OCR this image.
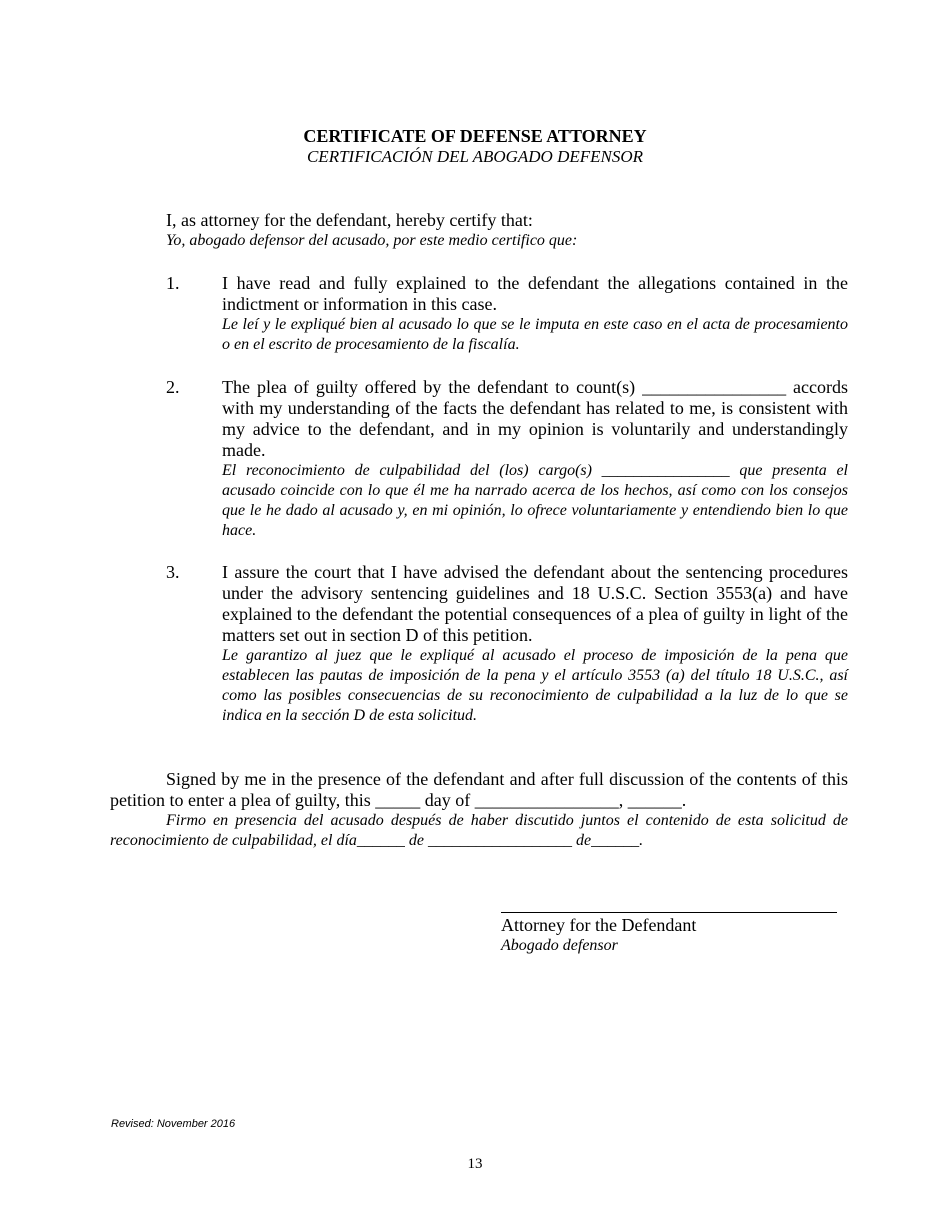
CERTIFICATE OF DEFENSE ATTORNEY
CERTIFICACIÓN DEL ABOGADO DEFENSOR
I, as attorney for the defendant, hereby certify that:
Yo, abogado defensor del acusado, por este medio certifico que:
1. I have read and fully explained to the defendant the allegations contained in the indictment or information in this case.
Le leí y le expliqué bien al acusado lo que se le imputa en este caso en el acta de procesamiento o en el escrito de procesamiento de la fiscalía.
2. The plea of guilty offered by the defendant to count(s) ________________ accords with my understanding of the facts the defendant has related to me, is consistent with my advice to the defendant, and in my opinion is voluntarily and understandingly made.
El reconocimiento de culpabilidad del (los) cargo(s) ________________ que presenta el acusado coincide con lo que él me ha narrado acerca de los hechos, así como con los consejos que le he dado al acusado y, en mi opinión, lo ofrece voluntariamente y entendiendo bien lo que hace.
3. I assure the court that I have advised the defendant about the sentencing procedures under the advisory sentencing guidelines and 18 U.S.C. Section 3553(a) and have explained to the defendant the potential consequences of a plea of guilty in light of the matters set out in section D of this petition.
Le garantizo al juez que le expliqué al acusado el proceso de imposición de la pena que establecen las pautas de imposición de la pena y el artículo 3553 (a) del título 18 U.S.C., así como las posibles consecuencias de su reconocimiento de culpabilidad a la luz de lo que se indica en la sección D de esta solicitud.
Signed by me in the presence of the defendant and after full discussion of the contents of this petition to enter a plea of guilty, this _____ day of ________________, ______.
Firmo en presencia del acusado después de haber discutido juntos el contenido de esta solicitud de reconocimiento de culpabilidad, el día______ de __________________ de______.
Attorney for the Defendant
Abogado defensor
Revised: November 2016
13
